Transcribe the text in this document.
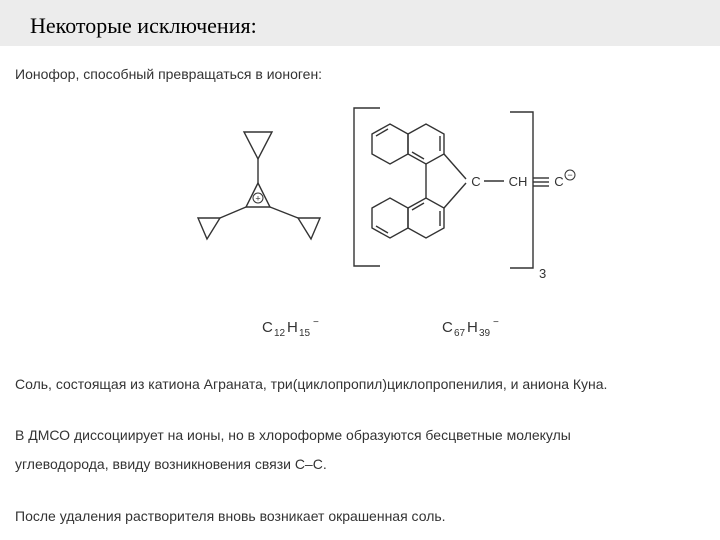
Некоторые исключения:
Ионофор, способный превращаться в ионоген:
+
C CH C −
3
C 12 H 15
−	C 67 H 39
−
Соль, состоящая из катиона Аграната, три(циклопропил)циклопропенилия, и аниона Куна.
В ДМСО диссоциирует на ионы, но в хлороформе образуются бесцветные молекулы
углеводорода, ввиду возникновения связи С–С.
После удаления растворителя вновь возникает окрашенная соль.
